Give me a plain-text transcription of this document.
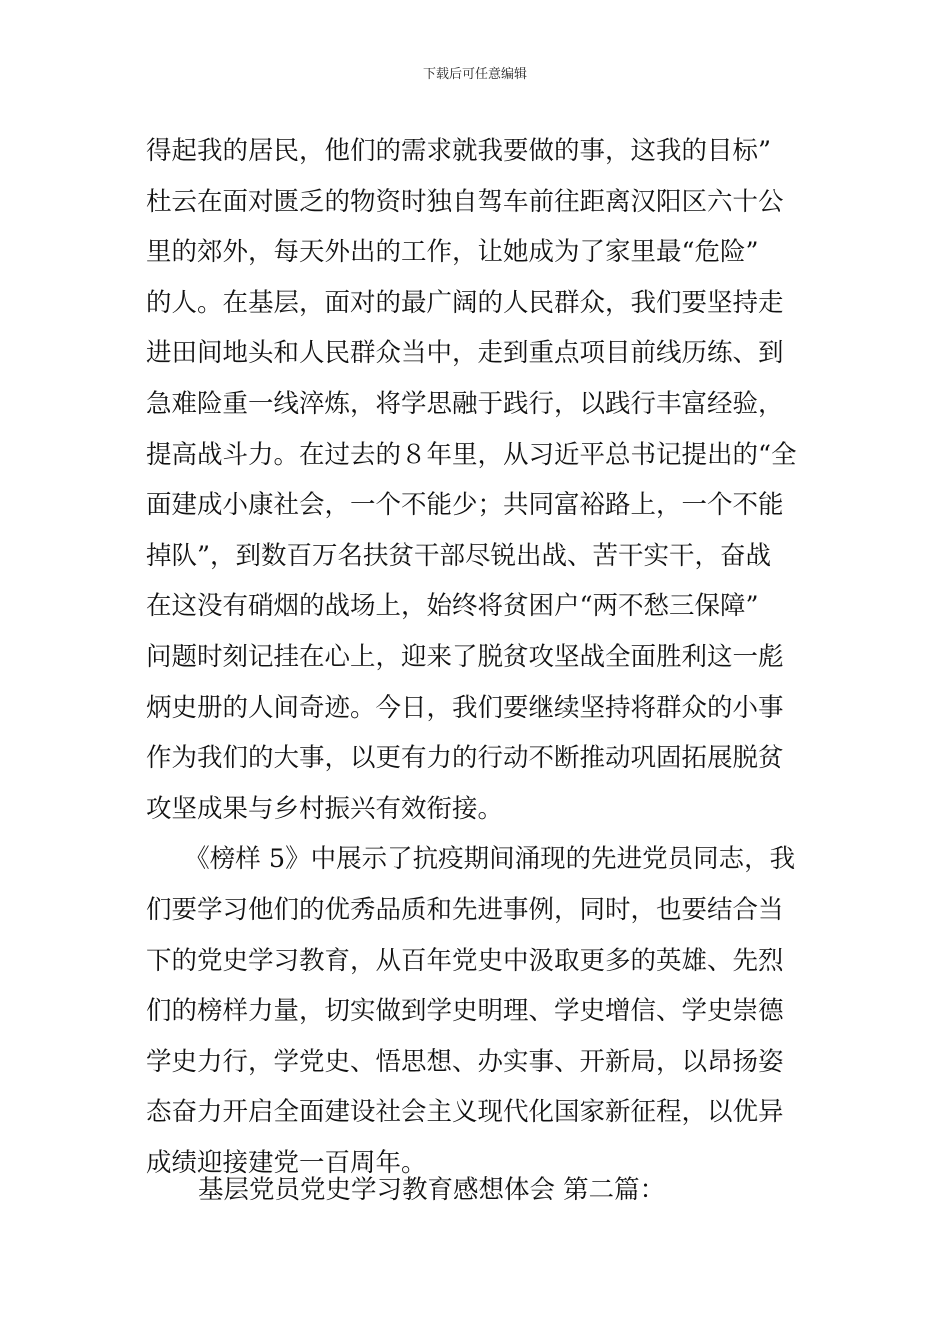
下载后可任意编辑
得起我的居民，他们的需求就我要做的事，这我的目标”
杜云在面对匮乏的物资时独自驾车前往距离汉阳区六十公
里的郊外，每天外出的工作，让她成为了家里最“危险”
的人。在基层，面对的最广阔的人民群众，我们要坚持走
进田间地头和人民群众当中，走到重点项目前线历练、到
急难险重一线淬炼，将学思融于践行，以践行丰富经验，
提高战斗力。在过去的８年里，从习近平总书记提出的“全
面建成小康社会，一个不能少；共同富裕路上，一个不能
掉队”，到数百万名扶贫干部尽锐出战、苦干实干，奋战
在这没有硝烟的战场上，始终将贫困户“两不愁三保障”
问题时刻记挂在心上，迎来了脱贫攻坚战全面胜利这一彪
炳史册的人间奇迹。今日，我们要继续坚持将群众的小事
作为我们的大事，以更有力的行动不断推动巩固拓展脱贫
攻坚成果与乡村振兴有效衔接。
　　《榜样 5》中展示了抗疫期间涌现的先进党员同志，我
们要学习他们的优秀品质和先进事例，同时，也要结合当
下的党史学习教育，从百年党史中汲取更多的英雄、先烈
们的榜样力量，切实做到学史明理、学史增信、学史崇德
学史力行，学党史、悟思想、办实事、开新局，以昂扬姿
态奋力开启全面建设社会主义现代化国家新征程，以优异
成绩迎接建党一百周年。
基层党员党史学习教育感想体会 第二篇：
